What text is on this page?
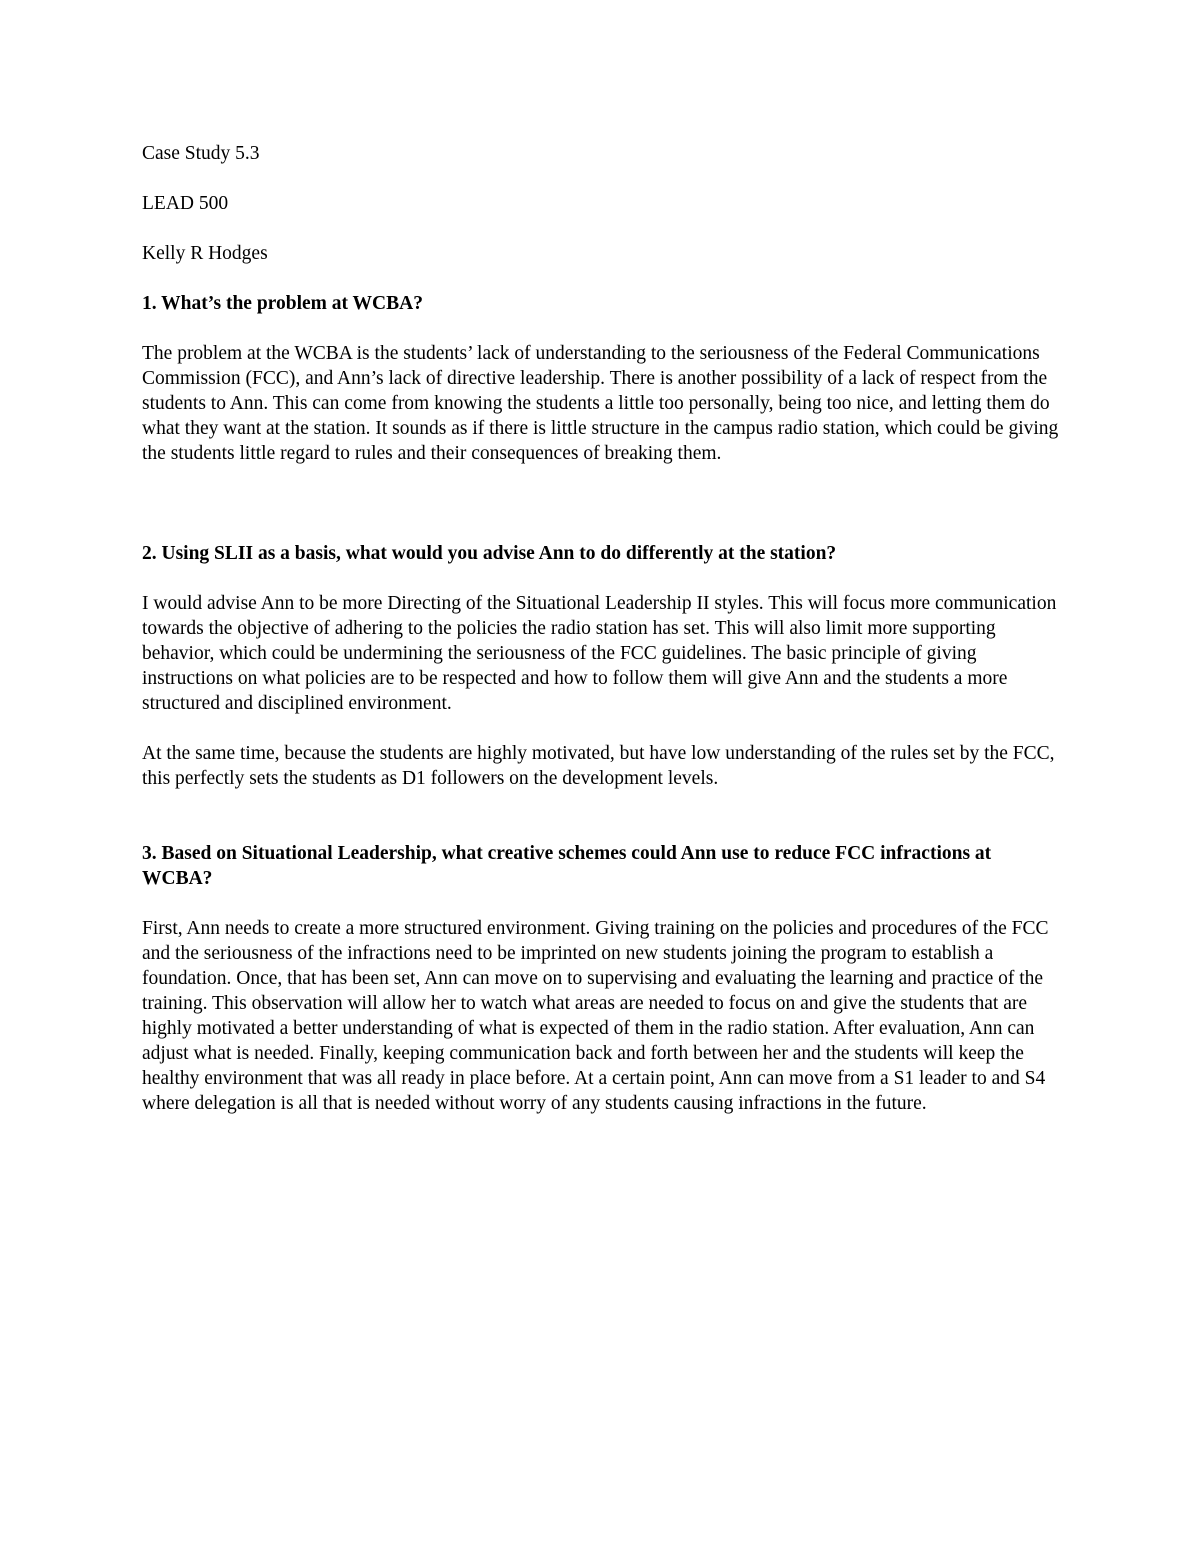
Case Study 5.3

LEAD 500

Kelly R Hodges

1. What’s the problem at WCBA?

The problem at the WCBA is the students’ lack of understanding to the seriousness of the Federal Communications Commission (FCC), and Ann’s lack of directive leadership. There is another possibility of a lack of respect from the students to Ann. This can come from knowing the students a little too personally, being too nice, and letting them do what they want at the station. It sounds as if there is little structure in the campus radio station, which could be giving the students little regard to rules and their consequences of breaking them.

2. Using SLII as a basis, what would you advise Ann to do differently at the station?

I would advise Ann to be more Directing of the Situational Leadership II styles. This will focus more communication towards the objective of adhering to the policies the radio station has set. This will also limit more supporting behavior, which could be undermining the seriousness of the FCC guidelines. The basic principle of giving instructions on what policies are to be respected and how to follow them will give Ann and the students a more structured and disciplined environment.

At the same time, because the students are highly motivated, but have low understanding of the rules set by the FCC, this perfectly sets the students as D1 followers on the development levels.

3. Based on Situational Leadership, what creative schemes could Ann use to reduce FCC infractions at WCBA?

First, Ann needs to create a more structured environment. Giving training on the policies and procedures of the FCC and the seriousness of the infractions need to be imprinted on new students joining the program to establish a foundation. Once, that has been set, Ann can move on to supervising and evaluating the learning and practice of the training. This observation will allow her to watch what areas are needed to focus on and give the students that are highly motivated a better understanding of what is expected of them in the radio station. After evaluation, Ann can adjust what is needed. Finally, keeping communication back and forth between her and the students will keep the healthy environment that was all ready in place before. At a certain point, Ann can move from a S1 leader to and S4 where delegation is all that is needed without worry of any students causing infractions in the future.
